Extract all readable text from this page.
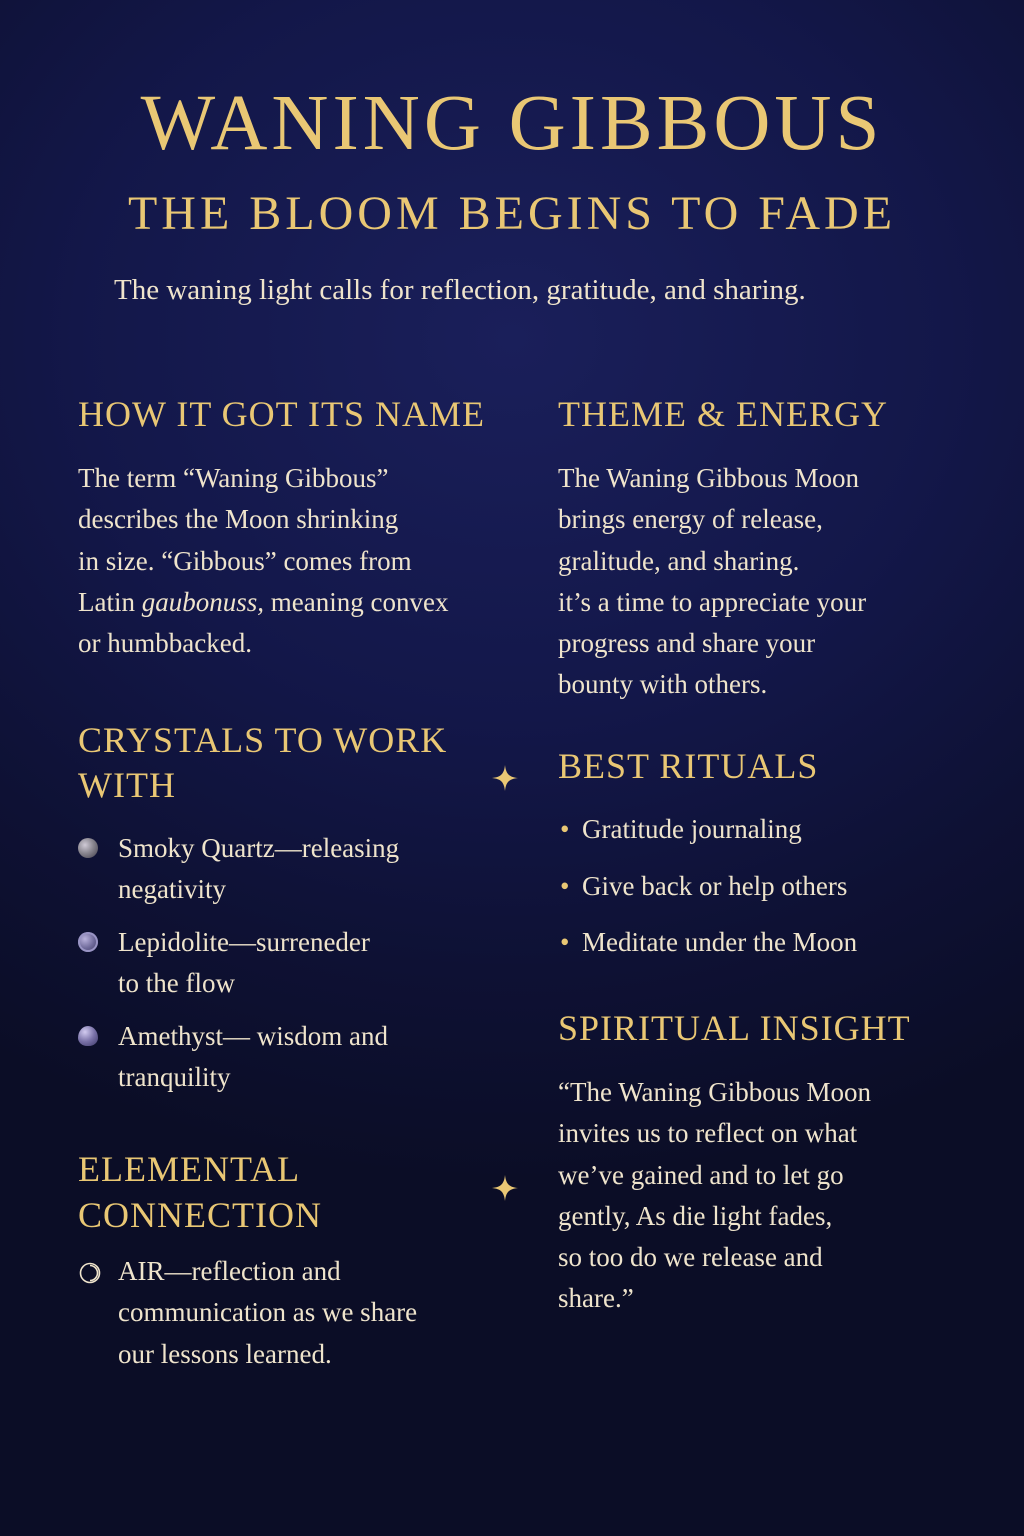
WANING GIBBOUS
THE BLOOM BEGINS TO FADE
The waning light calls for reflection, gratitude, and sharing.
HOW IT GOT ITS NAME
The term “Waning Gibbous”
describes the Moon shrinking
in size. “Gibbous” comes from
Latin gaubonuss, meaning convex
or humbbacked.
THEME & ENERGY
The Waning Gibbous Moon
brings energy of release,
gralitude, and sharing.
it’s a time to appreciate your
progress and share your
bounty with others.
CRYSTALS TO WORK
WITH
Smoky Quartz—releasing
negativity
Lepidolite—surreneder
to the flow
Amethyst— wisdom and
tranquility
BEST RITUALS
• Gratitude journaling
• Give back or help others
• Meditate under the Moon
ELEMENTAL
CONNECTION
AIR—reflection and
communication as we share
our lessons learned.
SPIRITUAL INSIGHT
“The Waning Gibbous Moon
invites us to reflect on what
we’ve gained and to let go
gently, As die light fades,
so too do we release and
share.”
